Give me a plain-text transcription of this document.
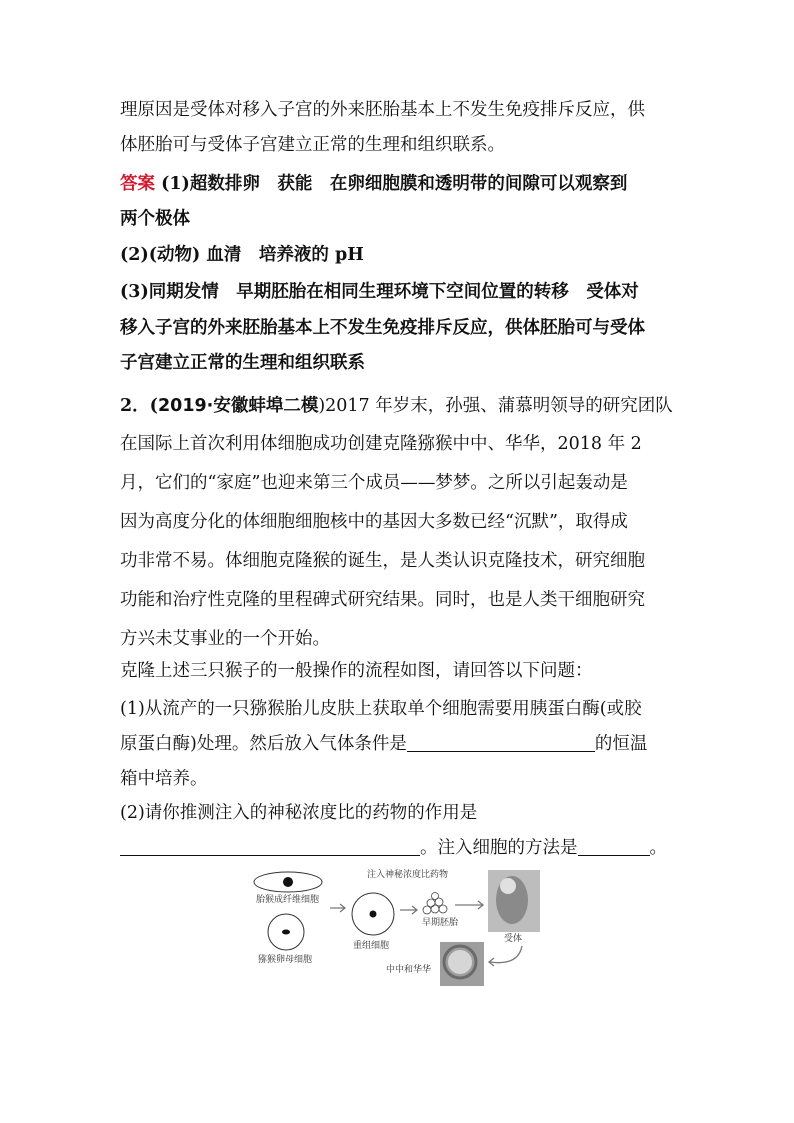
理原因是受体对移入子宫的外来胚胎基本上不发生免疫排斥反应，供
体胚胎可与受体子宫建立正常的生理和组织联系。
答案 (1)超数排卵　获能　在卵细胞膜和透明带的间隙可以观察到
两个极体
(2)(动物) 血清　培养液的 pH
(3)同期发情　早期胚胎在相同生理环境下空间位置的转移　受体对
移入子宫的外来胚胎基本上不发生免疫排斥反应，供体胚胎可与受体
子宫建立正常的生理和组织联系
2．(2019·安徽蚌埠二模)2017 年岁末，孙强、蒲慕明领导的研究团队
在国际上首次利用体细胞成功创建克隆猕猴中中、华华，2018 年 2
月，它们的“家庭”也迎来第三个成员——梦梦。之所以引起轰动是
因为高度分化的体细胞细胞核中的基因大多数已经“沉默”，取得成
功非常不易。体细胞克隆猴的诞生，是人类认识克隆技术，研究细胞
功能和治疗性克隆的里程碑式研究结果。同时，也是人类干细胞研究
方兴未艾事业的一个开始。
克隆上述三只猴子的一般操作的流程如图，请回答以下问题：
(1)从流产的一只猕猴胎儿皮肤上获取单个细胞需要用胰蛋白酶(或胶
原蛋白酶)处理。然后放入气体条件是	的恒温
箱中培养。
(2)请你推测注入的神秘浓度比的药物的作用是
。注入细胞的方法是	。
胎猴成纤维细胞
猕猴卵母细胞
注入神秘浓度比药物
重组细胞
早期胚胎
受体
中中和华华
